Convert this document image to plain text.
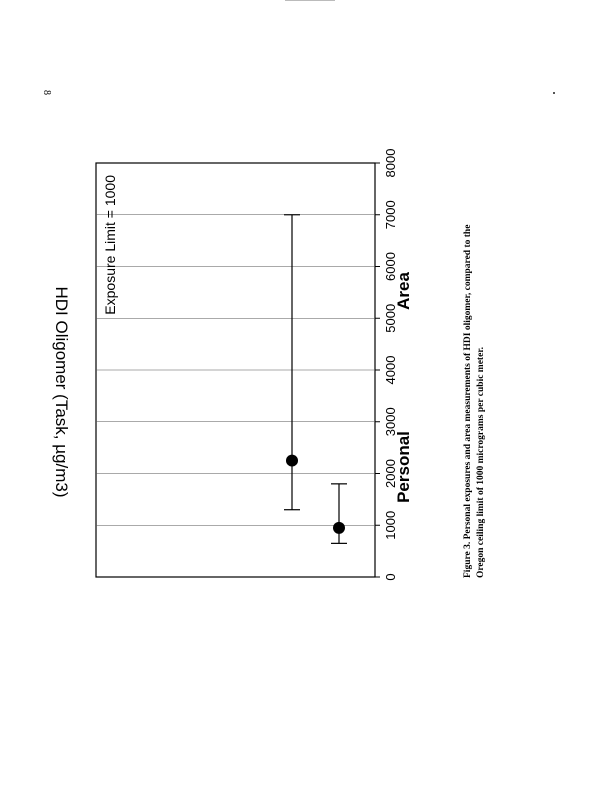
8
0
1000
2000
3000
4000
5000
6000
7000
8000
Personal
Area
HDI Oligomer (Task, µg/m3)
Exposure Limit = 1000	Figure 3. Personal exposures and area measurements of HDI oligomer, compared to the Oregon ceiling limit of 1000 micrograms per cubic meter.
